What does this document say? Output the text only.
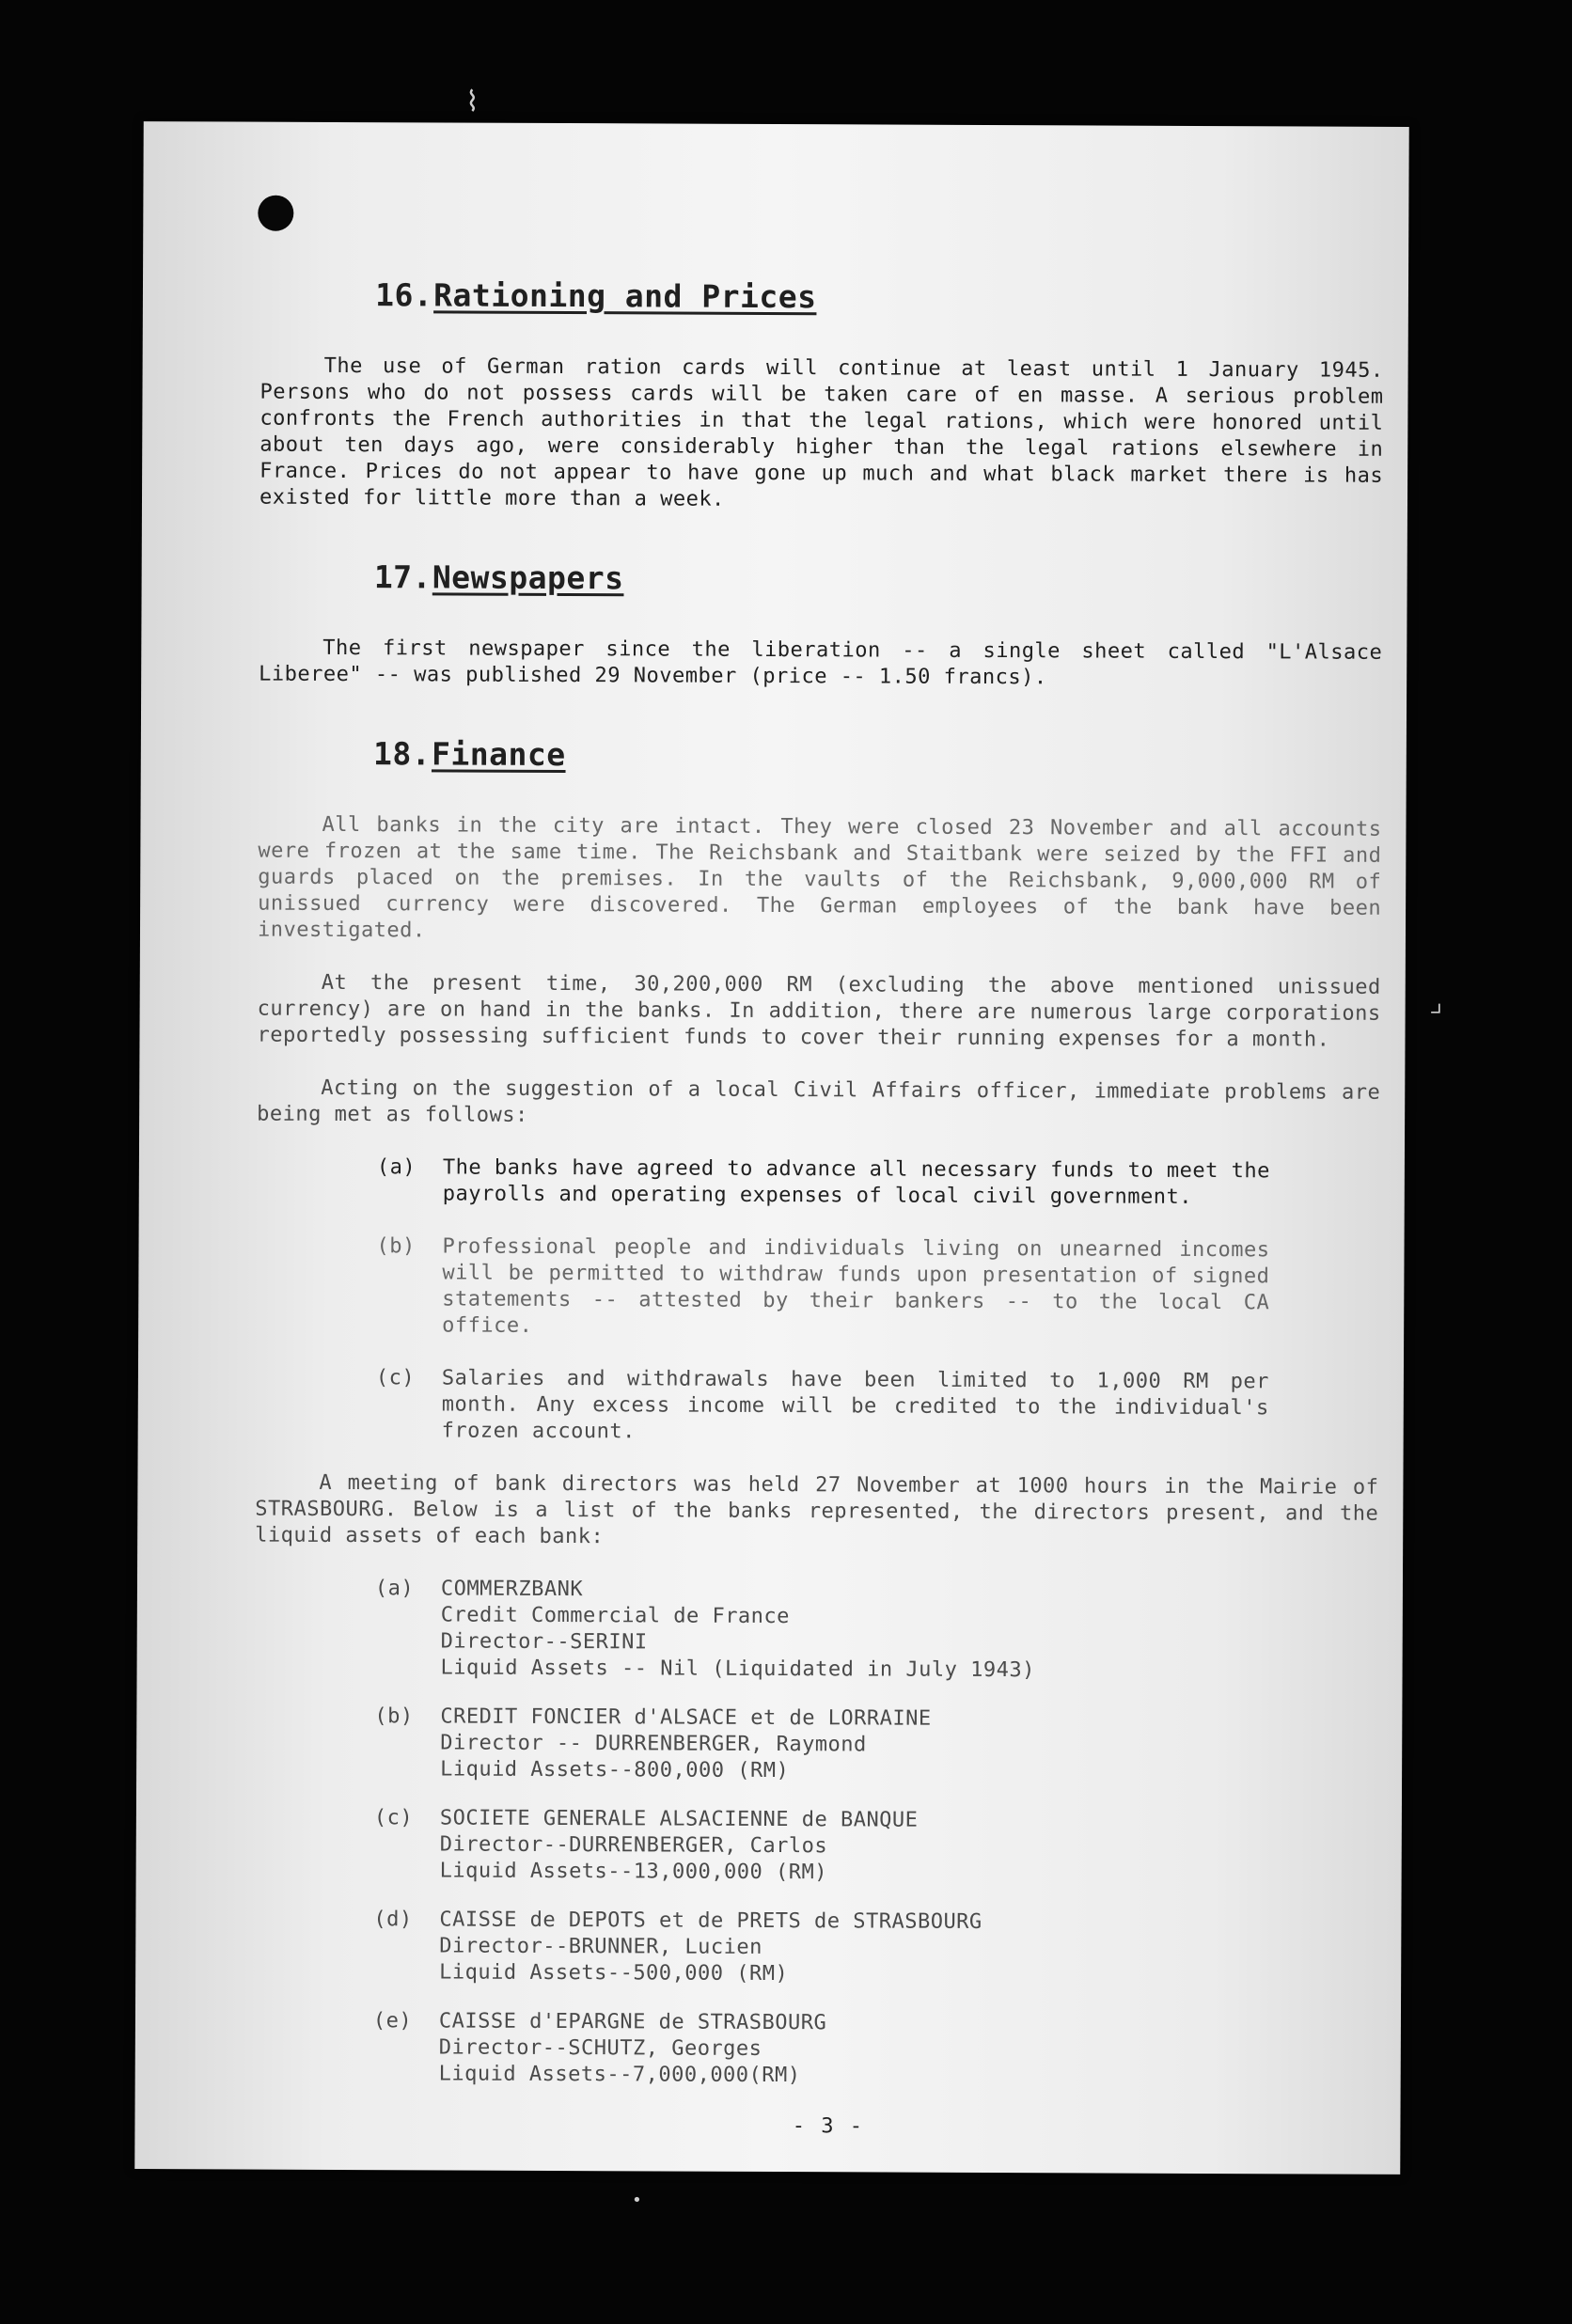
⌇
⌟
•

16.Rationing and Prices

The use of German ration cards will continue at least until 1 January 1945. Persons who do not possess cards will be taken care of en masse. A serious problem confronts the French authorities in that the legal rations, which were honored until about ten days ago, were considerably higher than the legal rations elsewhere in France. Prices do not appear to have gone up much and what black market there is has existed for little more than a week.

17.Newspapers

The first newspaper since the liberation -- a single sheet called "L'Alsace Liberee" -- was published 29 November (price -- 1.50 francs).

18.Finance

All banks in the city are intact. They were closed 23 November and all accounts were frozen at the same time. The Reichsbank and Staitbank were seized by the FFI and guards placed on the premises. In the vaults of the Reichsbank, 9,000,000 RM of unissued currency were discovered. The German employees of the bank have been investigated.

At the present time, 30,200,000 RM (excluding the above mentioned unissued currency) are on hand in the banks. In addition, there are numerous large corporations reportedly possessing sufficient funds to cover their running expenses for a month.

Acting on the suggestion of a local Civil Affairs officer, immediate problems are being met as follows:

(a)	The banks have agreed to advance all necessary funds to meet the payrolls and operating expenses of local civil government.
(b)	Professional people and individuals living on unearned incomes will be permitted to withdraw funds upon presentation of signed statements -- attested by their bankers -- to the local CA office.
(c)	Salaries and withdrawals have been limited to 1,000 RM per month. Any excess income will be credited to the individual's frozen account.

A meeting of bank directors was held 27 November at 1000 hours in the Mairie of STRASBOURG. Below is a list of the banks represented, the directors present, and the liquid assets of each bank:

(a)	COMMERZBANK
Credit Commercial de France
Director--SERINI
Liquid Assets -- Nil (Liquidated in July 1943)
(b)	CREDIT FONCIER d'ALSACE et de LORRAINE
Director -- DURRENBERGER, Raymond
Liquid Assets--800,000 (RM)
(c)	SOCIETE GENERALE ALSACIENNE de BANQUE
Director--DURRENBERGER, Carlos
Liquid Assets--13,000,000 (RM)
(d)	CAISSE de DEPOTS et de PRETS de STRASBOURG
Director--BRUNNER, Lucien
Liquid Assets--500,000 (RM)
(e)	CAISSE d'EPARGNE de STRASBOURG
Director--SCHUTZ, Georges
Liquid Assets--7,000,000(RM)
- 3 -
